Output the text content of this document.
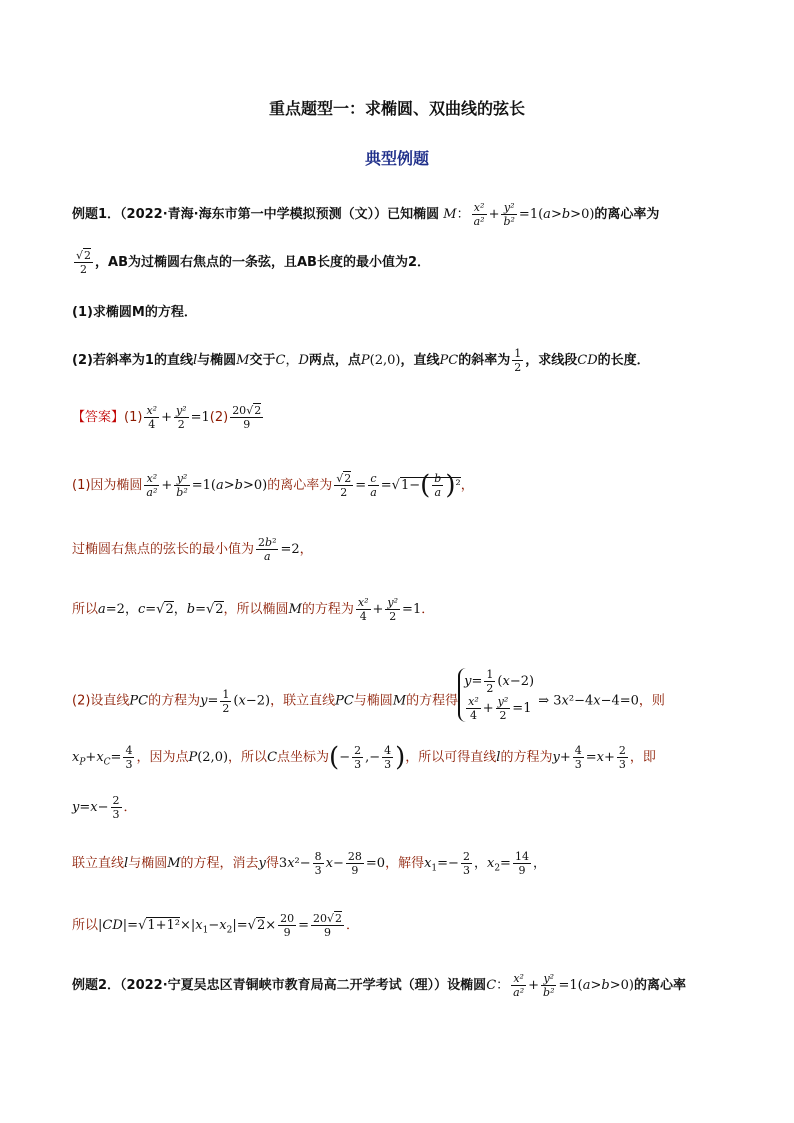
重点题型一：求椭圆、双曲线的弦长
典型例题
例题1．（2022·青海·海东市第一中学模拟预测（文））已知椭圆 M： $\frac{\text{x²}}{\text{a²}} + \frac{\text{y²}}{\text{b²}} =1(a>b>0)$的离心率为
$\frac{√2}{2}$ ，AB为过椭圆右焦点的一条弦，且AB长度的最小值为2．
(1)求椭圆M的方程．
(2)若斜率为1的直线l与椭圆M交于C，D两点，点P(2,0)，直线PC的斜率为 $\frac{1}{2}$ ，求线段CD的长度．
【答案】$(1) \frac{\text{x²}}{4} + \frac{\text{y²}}{2} =1(2) \frac{20√2}{9}$
(1)因为椭圆 $\frac{\text{x²}}{\text{a²}} + \frac{\text{y²}}{\text{b²}} =1(a>b>0)$的离心率为 $\frac{√2}{2} = \frac{c}{a} =√1-( \frac{b}{a} )^2$，
过椭圆右焦点的弦长的最小值为 $\frac{\text{2b²}}{a} =2$，
所以a=2，c=√2，b=√2，所以椭圆M的方程为 $\frac{\text{x²}}{4} + \frac{\text{y²}}{2} =1$．
(2)设直线PC的方程为$y= \frac{1}{2} (x-2)$，联立直线PC与椭圆M的方程得$y= \frac{1}{2} (x-2)$

$\frac{\text{x²}}{4} + \frac{\text{y²}}{2} =1$ ⇒ 3x²−4x−4=0，则
$x_P+x_C= \frac{4}{3}$ ，因为点P(2,0)，所以C点坐标为(− $\frac{2}{3}$ ,− $\frac{4}{3}$ )，所以可得直线l的方程为$y+ \frac{4}{3} =x+ \frac{2}{3}$ ，即
$y=x- \frac{2}{3}$ ．
联立直线l与椭圆M的方程，消去y得$3x^2- \frac{8}{3} x- \frac{28}{9} =0$，解得$x_1=- \frac{2}{3}$ ，$x_2= \frac{14}{9}$ ，
所以$|CD|=√1+1^2\times|x_1-x_2|=√2\times \frac{20}{9} = \frac{20√2}{9}$ ．
例题2．（2022·宁夏吴忠区青铜峡市教育局高二开学考试（理））设椭圆C： $\frac{\text{x²}}{\text{a²}} + \frac{\text{y²}}{\text{b²}} =1(a>b>0)$的离心率
